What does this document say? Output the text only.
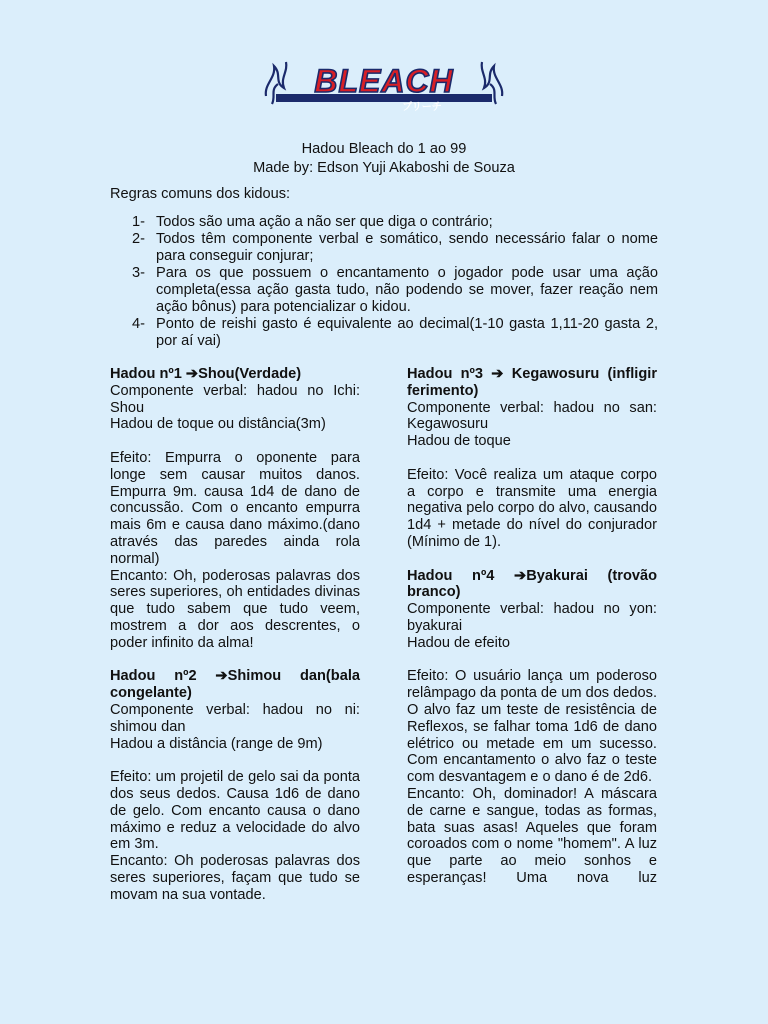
BLEACH
ブリーチ
Hadou Bleach do 1 ao 99
Made by: Edson Yuji Akaboshi de Souza
Regras comuns dos kidous:
1- Todos são uma ação a não ser que diga o contrário;
2- Todos têm componente verbal e somático, sendo necessário falar o nome para conseguir conjurar;
3- Para os que possuem o encantamento o jogador pode usar uma ação completa(essa ação gasta tudo, não podendo se mover, fazer reação nem ação bônus) para potencializar o kidou.
4- Ponto de reishi gasto é equivalente ao decimal(1-10 gasta 1,11-20 gasta 2, por aí vai)
Hadou nº1 ➔Shou(Verdade)
Componente verbal: hadou no Ichi: Shou
Hadou de toque ou distância(3m)
Efeito: Empurra o oponente para longe sem causar muitos danos. Empurra 9m. causa 1d4 de dano de concussão. Com o encanto empurra mais 6m e causa dano máximo.(dano através das paredes ainda rola normal)
Encanto: Oh, poderosas palavras dos seres superiores, oh entidades divinas que tudo sabem que tudo veem, mostrem a dor aos descrentes, o poder infinito da alma!
Hadou nº2 ➔Shimou dan(bala congelante)
Componente verbal: hadou no ni: shimou dan
Hadou a distância (range de 9m)
Efeito: um projetil de gelo sai da ponta dos seus dedos. Causa 1d6 de dano de gelo. Com encanto causa o dano máximo e reduz a velocidade do alvo em 3m.
Encanto: Oh poderosas palavras dos seres superiores, façam que tudo se movam na sua vontade.
Hadou nº3 ➔ Kegawosuru (infligir ferimento)
Componente verbal: hadou no san: Kegawosuru
Hadou de toque
Efeito: Você realiza um ataque corpo a corpo e transmite uma energia negativa pelo corpo do alvo, causando 1d4 + metade do nível do conjurador (Mínimo de 1).
Hadou nº4 ➔Byakurai (trovão branco)
Componente verbal: hadou no yon: byakurai
Hadou de efeito
Efeito: O usuário lança um poderoso relâmpago da ponta de um dos dedos. O alvo faz um teste de resistência de Reflexos, se falhar toma 1d6 de dano elétrico ou metade em um sucesso. Com encantamento o alvo faz o teste com desvantagem e o dano é de 2d6.
Encanto: Oh, dominador! A máscara de carne e sangue, todas as formas, bata suas asas! Aqueles que foram coroados com o nome "homem". A luz que parte ao meio sonhos e esperanças! Uma nova luz
